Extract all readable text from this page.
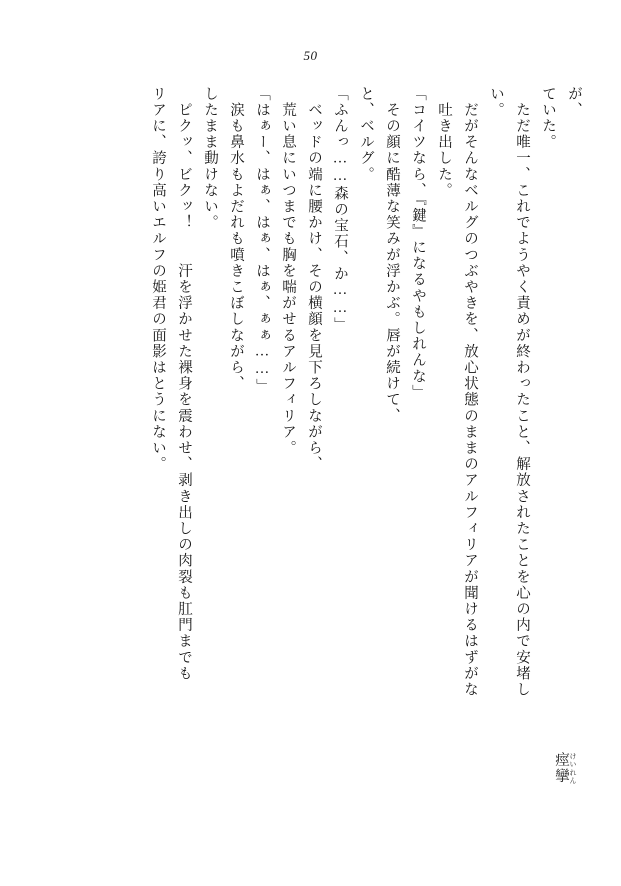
50
リアに、誇り高いエルフの姫君の面影はとうにない。 　ピクッ、ビクッ！　　汗を浮かせた裸身を震わせ、剥き出しの肉裂も肛門までも したまま動けない。 　涙も鼻水もよだれも噴きこぼしながら、 「はぁー、はぁ、はぁ、はぁ、ぁぁ……」 　荒い息にいつまでも胸を喘がせるアルフィリア。 　ベッドの端に腰かけ、その横顔を見下ろしながら、 「ふんっ……森の宝石、か……」 と、ベルグ。 　その顔に酷薄な笑みが浮かぶ。唇が続けて、 「コイツなら、『鍵』になるやもしれんな」 　吐き出した。 　だがそんなベルグのつぶやきを、放心状態のままのアルフィリアが聞けるはずがな い。 　ただ唯一、これでようやく責めが終わったこと、解放されたことを心の内で安堵し ていた。 が、
痙攣 けいれん
